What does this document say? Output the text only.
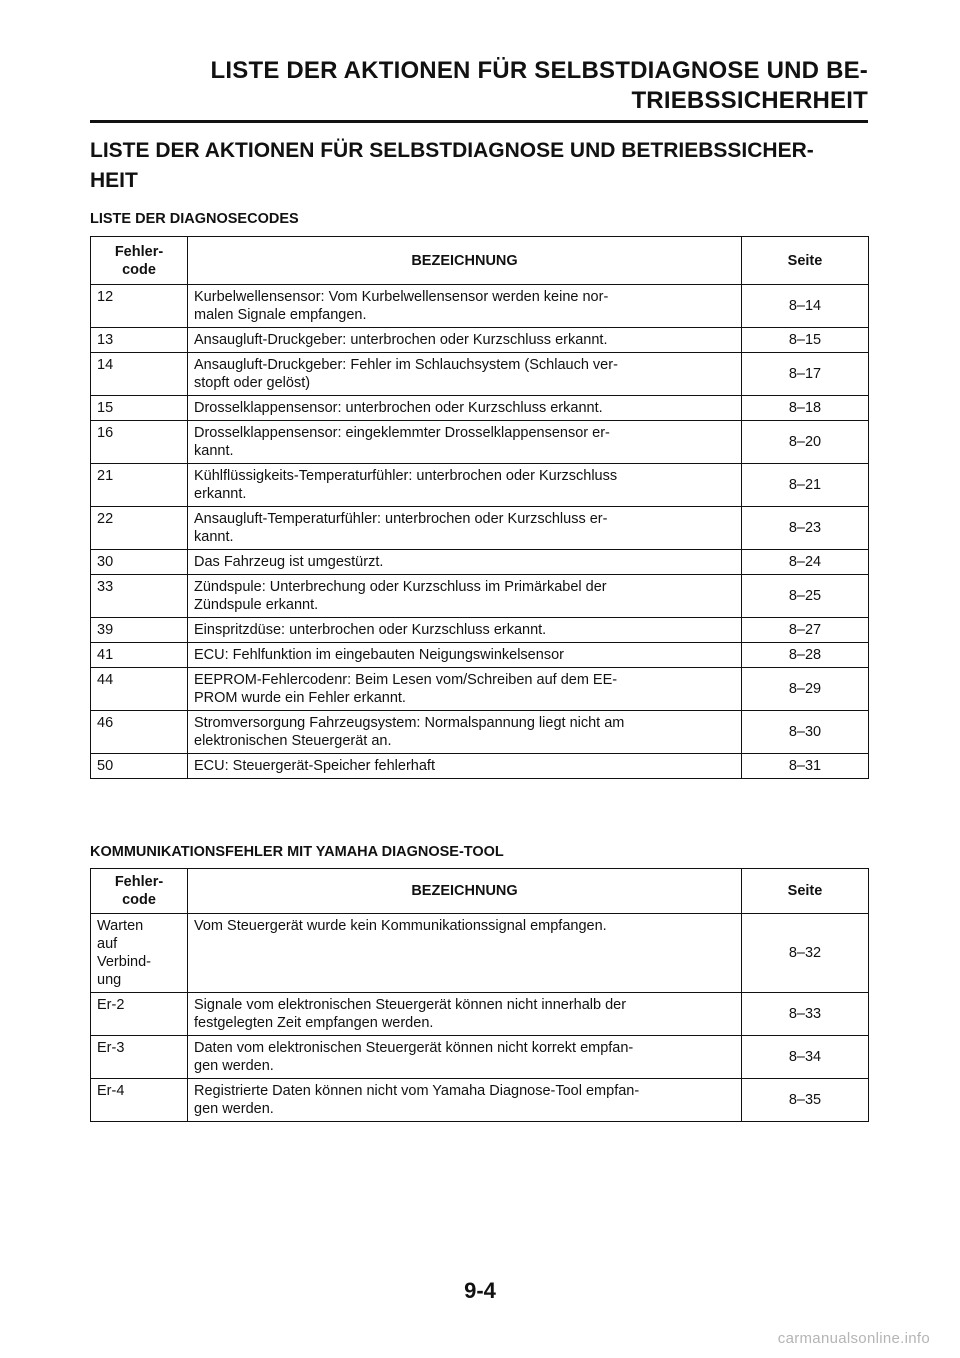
LISTE DER AKTIONEN FÜR SELBSTDIAGNOSE UND BE-
TRIEBSSICHERHEIT
LISTE DER AKTIONEN FÜR SELBSTDIAGNOSE UND BETRIEBSSICHER-
HEIT
LISTE DER DIAGNOSECODES
Fehler-
code	BEZEICHNUNG	Seite
12	Kurbelwellensensor: Vom Kurbelwellensensor werden keine nor-
malen Signale empfangen.	8–14
13	Ansaugluft-Druckgeber: unterbrochen oder Kurzschluss erkannt.	8–15
14	Ansaugluft-Druckgeber: Fehler im Schlauchsystem (Schlauch ver-
stopft oder gelöst)	8–17
15	Drosselklappensensor: unterbrochen oder Kurzschluss erkannt.	8–18
16	Drosselklappensensor: eingeklemmter Drosselklappensensor er-
kannt.	8–20
21	Kühlflüssigkeits-Temperaturfühler: unterbrochen oder Kurzschluss
erkannt.	8–21
22	Ansaugluft-Temperaturfühler: unterbrochen oder Kurzschluss er-
kannt.	8–23
30	Das Fahrzeug ist umgestürzt.	8–24
33	Zündspule: Unterbrechung oder Kurzschluss im Primärkabel der
Zündspule erkannt.	8–25
39	Einspritzdüse: unterbrochen oder Kurzschluss erkannt.	8–27
41	ECU: Fehlfunktion im eingebauten Neigungswinkelsensor	8–28
44	EEPROM-Fehlercodenr: Beim Lesen vom/Schreiben auf dem EE-
PROM wurde ein Fehler erkannt.	8–29
46	Stromversorgung Fahrzeugsystem: Normalspannung liegt nicht am
elektronischen Steuergerät an.	8–30
50	ECU: Steuergerät-Speicher fehlerhaft	8–31
KOMMUNIKATIONSFEHLER MIT YAMAHA DIAGNOSE-TOOL
Fehler-
code	BEZEICHNUNG	Seite

Warten
auf
Verbind-
ung	Vom Steuergerät wurde kein Kommunikationssignal empfangen.	8–32

Er-2	Signale vom elektronischen Steuergerät können nicht innerhalb der
festgelegten Zeit empfangen werden.	8–33

Er-3	Daten vom elektronischen Steuergerät können nicht korrekt empfan-
gen werden.	8–34

Er-4	Registrierte Daten können nicht vom Yamaha Diagnose-Tool empfan-
gen werden.	8–35
9-4
carmanualsonline.info
